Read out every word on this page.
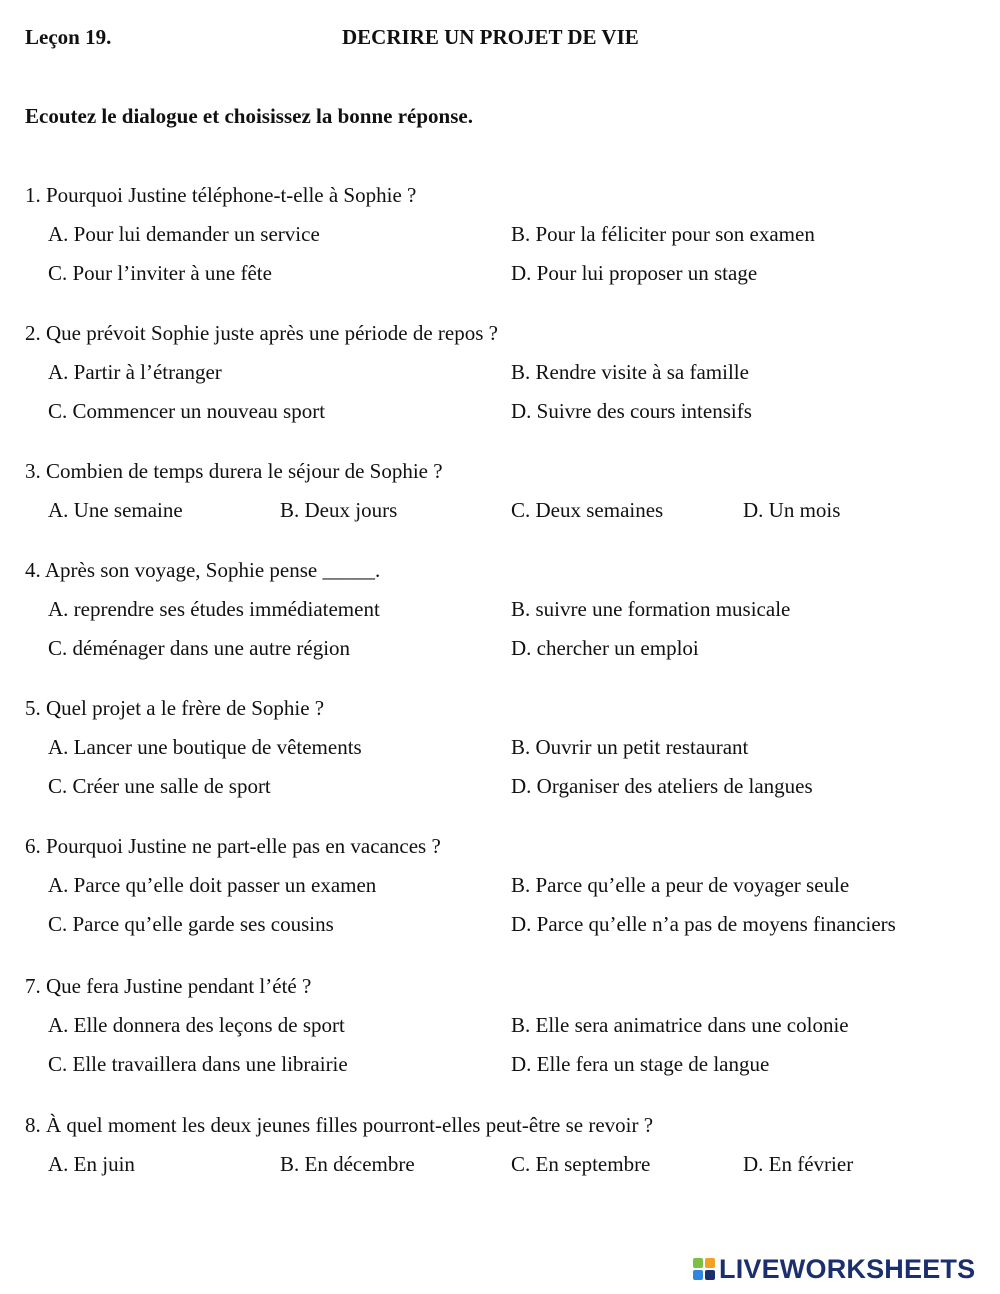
Leçon 19.	DECRIRE UN PROJET DE VIE
Ecoutez le dialogue et choisissez la bonne réponse.
1. Pourquoi Justine téléphone-t-elle à Sophie ?
A. Pour lui demander un service	B. Pour la féliciter pour son examen
C. Pour l’inviter à une fête	D. Pour lui proposer un stage
2. Que prévoit Sophie juste après une période de repos ?
A. Partir à l’étranger	B. Rendre visite à sa famille
C. Commencer un nouveau sport	D. Suivre des cours intensifs
3. Combien de temps durera le séjour de Sophie ?
A. Une semaine	B. Deux jours	C. Deux semaines	D. Un mois
4. Après son voyage, Sophie pense _____.
A. reprendre ses études immédiatement	B. suivre une formation musicale
C. déménager dans une autre région	D. chercher un emploi
5. Quel projet a le frère de Sophie ?
A. Lancer une boutique de vêtements	B. Ouvrir un petit restaurant
C. Créer une salle de sport	D. Organiser des ateliers de langues
6. Pourquoi Justine ne part-elle pas en vacances ?
A. Parce qu’elle doit passer un examen	B. Parce qu’elle a peur de voyager seule
C. Parce qu’elle garde ses cousins	D. Parce qu’elle n’a pas de moyens financiers
7. Que fera Justine pendant l’été ?
A. Elle donnera des leçons de sport	B. Elle sera animatrice dans une colonie
C. Elle travaillera dans une librairie	D. Elle fera un stage de langue
8. À quel moment les deux jeunes filles pourront-elles peut-être se revoir ?
A. En juin	B. En décembre	C. En septembre	D. En février
LIVEWORKSHEETS
